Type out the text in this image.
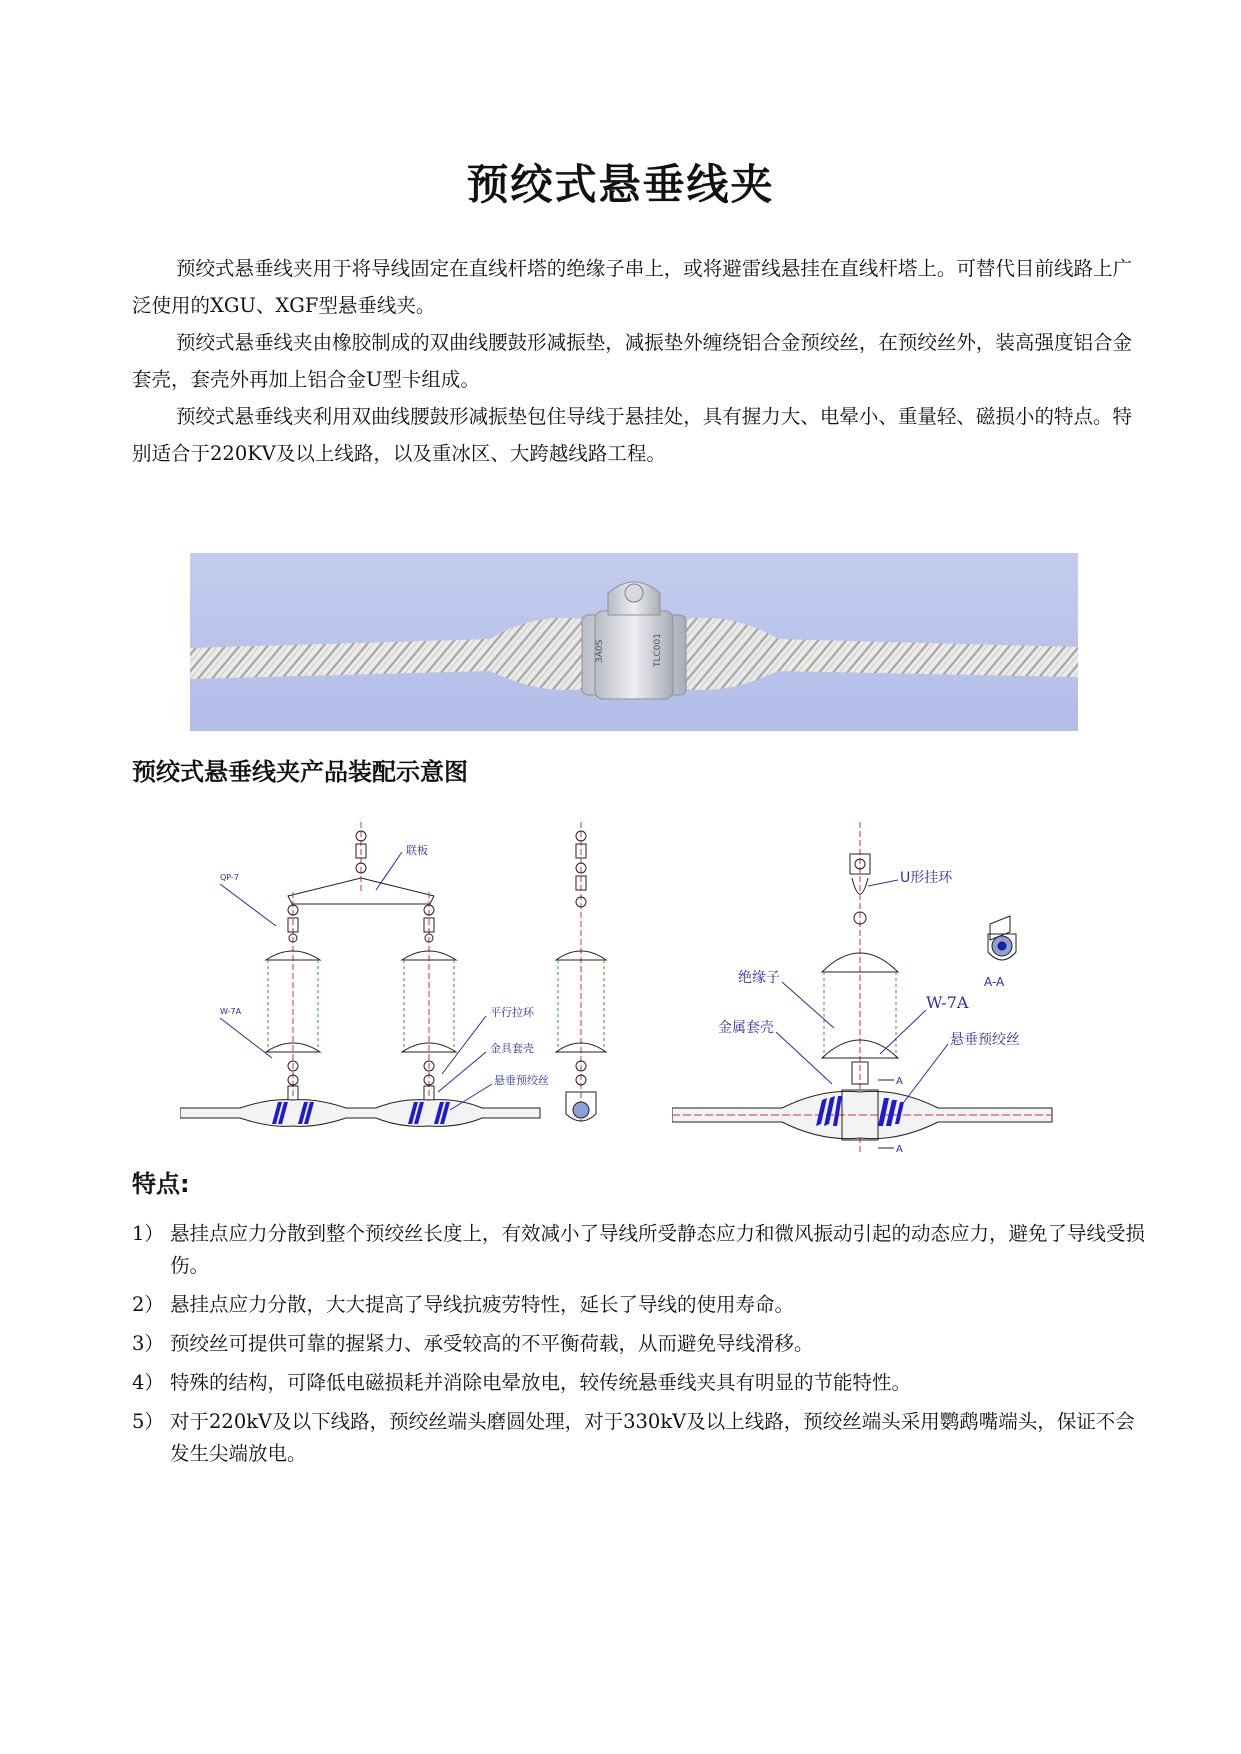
预绞式悬垂线夹

预绞式悬垂线夹用于将导线固定在直线杆塔的绝缘子串上，或将避雷线悬挂在直线杆塔上。可替代目前线路上广泛使用的XGU、XGF型悬垂线夹。

预绞式悬垂线夹由橡胶制成的双曲线腰鼓形减振垫，减振垫外缠绕铝合金预绞丝，在预绞丝外，装高强度铝合金套壳，套壳外再加上铝合金U型卡组成。

预绞式悬垂线夹利用双曲线腰鼓形减振垫包住导线于悬挂处，具有握力大、电晕小、重量轻、磁损小的特点。特别适合于220KV及以上线路，以及重冰区、大跨越线路工程。

3A0S	TLC001
预绞式悬垂线夹产品装配示意图
联板
QP-7
W-7A	平行拉环
金具套壳
悬垂预绞丝
U形挂环
绝缘子
W-7A
金属套壳
悬垂预绞丝
A-A
A
A
特点:
1） 悬挂点应力分散到整个预绞丝长度上，有效减小了导线所受静态应力和微风振动引起的动态应力，避免了导线受损伤。
2） 悬挂点应力分散，大大提高了导线抗疲劳特性，延长了导线的使用寿命。
3） 预绞丝可提供可靠的握紧力、承受较高的不平衡荷载，从而避免导线滑移。
4） 特殊的结构，可降低电磁损耗并消除电晕放电，较传统悬垂线夹具有明显的节能特性。
5） 对于220kV及以下线路，预绞丝端头磨圆处理，对于330kV及以上线路，预绞丝端头采用鹦鹉嘴端头，保证不会发生尖端放电。
